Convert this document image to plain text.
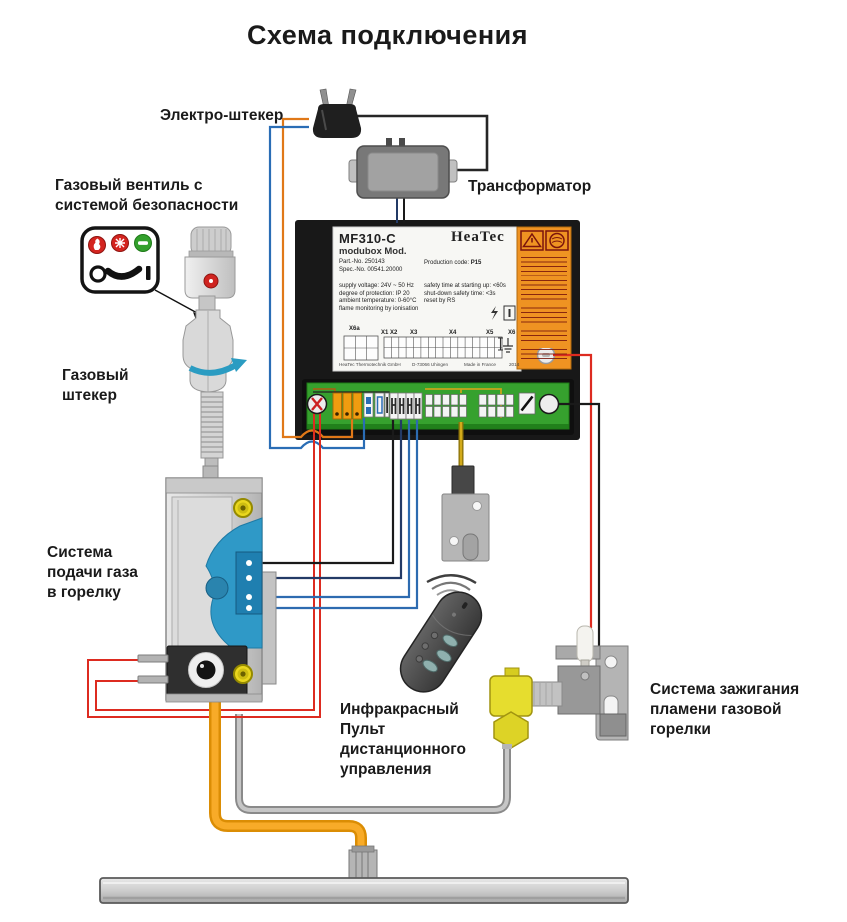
Схема подключения
Электро-штекер
Трансформатор
Газовый вентиль с
системой безопасности
Газовый
штекер
Система
подачи газа
в горелку
Инфракрасный
Пульт
дистанционного
управления
Система зажигания
пламени газовой
горелки
MF310-C
modubox Mod.
HeaTec
Part.-No. 250143
Spec.-No. 00541.20000
Production code: P15
supply voltage: 24V ~ 50 Hz
degree of protection: IP 20
ambient temperature: 0-60°C
flame monitoring by ionisation
safety time at starting up: <60s
shut-down safety time: <3s
reset by RS
X6a
X1 X2 X3	X4	X5 X6
HeaTec Thermotechnik GmbH D-73066 Uhingen	Made in France	2014
